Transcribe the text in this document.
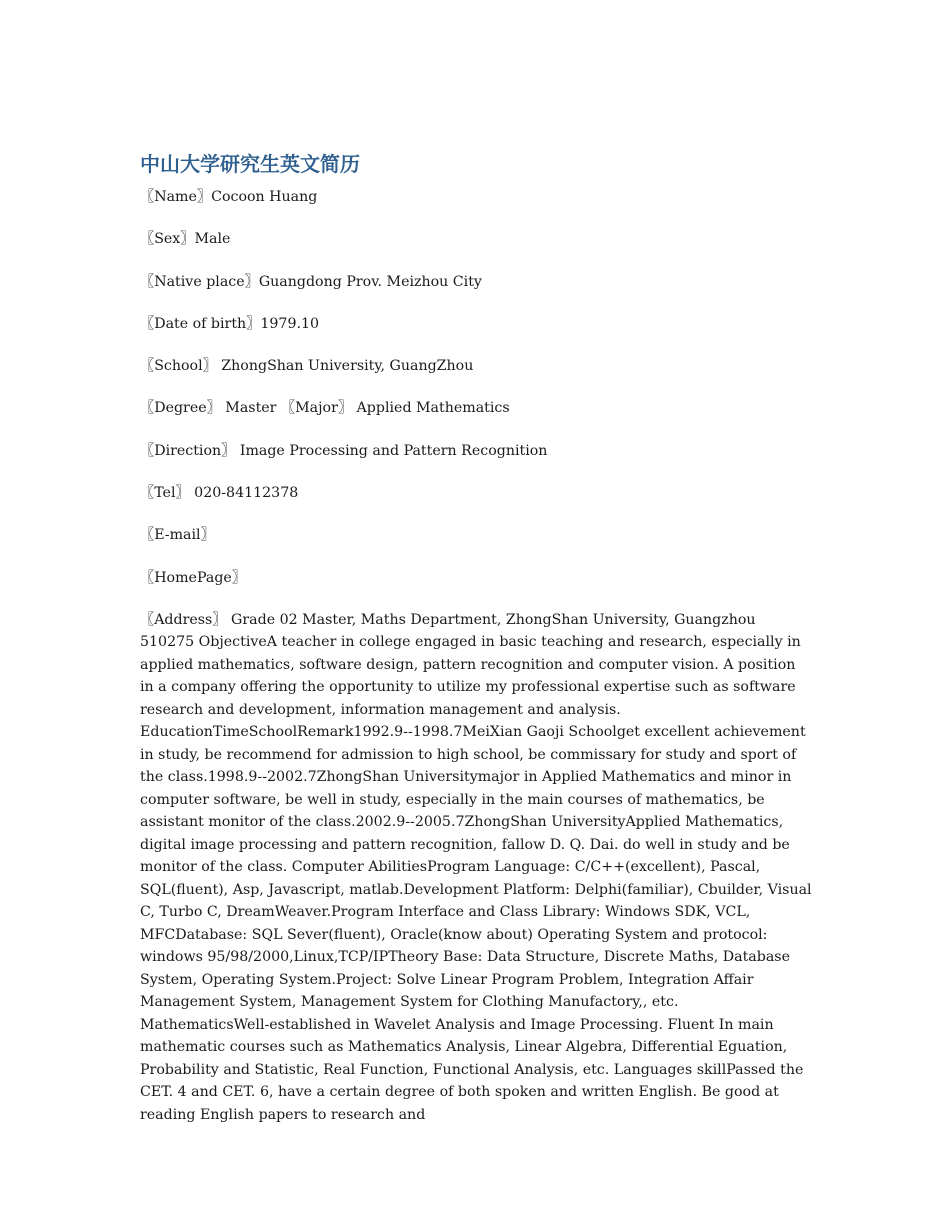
中山大学研究生英文简历

〖Name〗Cocoon Huang

〖Sex〗Male

〖Native place〗Guangdong Prov. Meizhou City

〖Date of birth〗1979.10

〖School〗 ZhongShan University, GuangZhou

〖Degree〗 Master 〖Major〗 Applied Mathematics

〖Direction〗 Image Processing and Pattern Recognition

〖Tel〗 020-84112378

〖E-mail〗

〖HomePage〗

〖Address〗 Grade 02 Master, Maths Department, ZhongShan University, Guangzhou 510275 ObjectiveA teacher in college engaged in basic teaching and research, especially in applied mathematics, software design, pattern recognition and computer vision. A position in a company offering the opportunity to utilize my professional expertise such as software research and development, information management and analysis. EducationTimeSchoolRemark1992.9--1998.7MeiXian Gaoji Schoolget excellent achievement in study, be recommend for admission to high school, be commissary for study and sport of the class.1998.9--2002.7ZhongShan Universitymajor in Applied Mathematics and minor in computer software, be well in study, especially in the main courses of mathematics, be assistant monitor of the class.2002.9--2005.7ZhongShan UniversityApplied Mathematics, digital image processing and pattern recognition, fallow D. Q. Dai. do well in study and be monitor of the class. Computer AbilitiesProgram Language: C/C++(excellent), Pascal, SQL(fluent), Asp, Javascript, matlab.Development Platform: Delphi(familiar), Cbuilder, Visual C, Turbo C, DreamWeaver.Program Interface and Class Library: Windows SDK, VCL, MFCDatabase: SQL Sever(fluent), Oracle(know about) Operating System and protocol: windows 95/98/2000,Linux,TCP/IPTheory Base: Data Structure, Discrete Maths, Database System, Operating System.Project: Solve Linear Program Problem, Integration Affair Management System, Management System for Clothing Manufactory,, etc. MathematicsWell-established in Wavelet Analysis and Image Processing. Fluent In main mathematic courses such as Mathematics Analysis, Linear Algebra, Differential Eguation, Probability and Statistic, Real Function, Functional Analysis, etc. Languages skillPassed the CET. 4 and CET. 6, have a certain degree of both spoken and written English. Be good at reading English papers to research and
